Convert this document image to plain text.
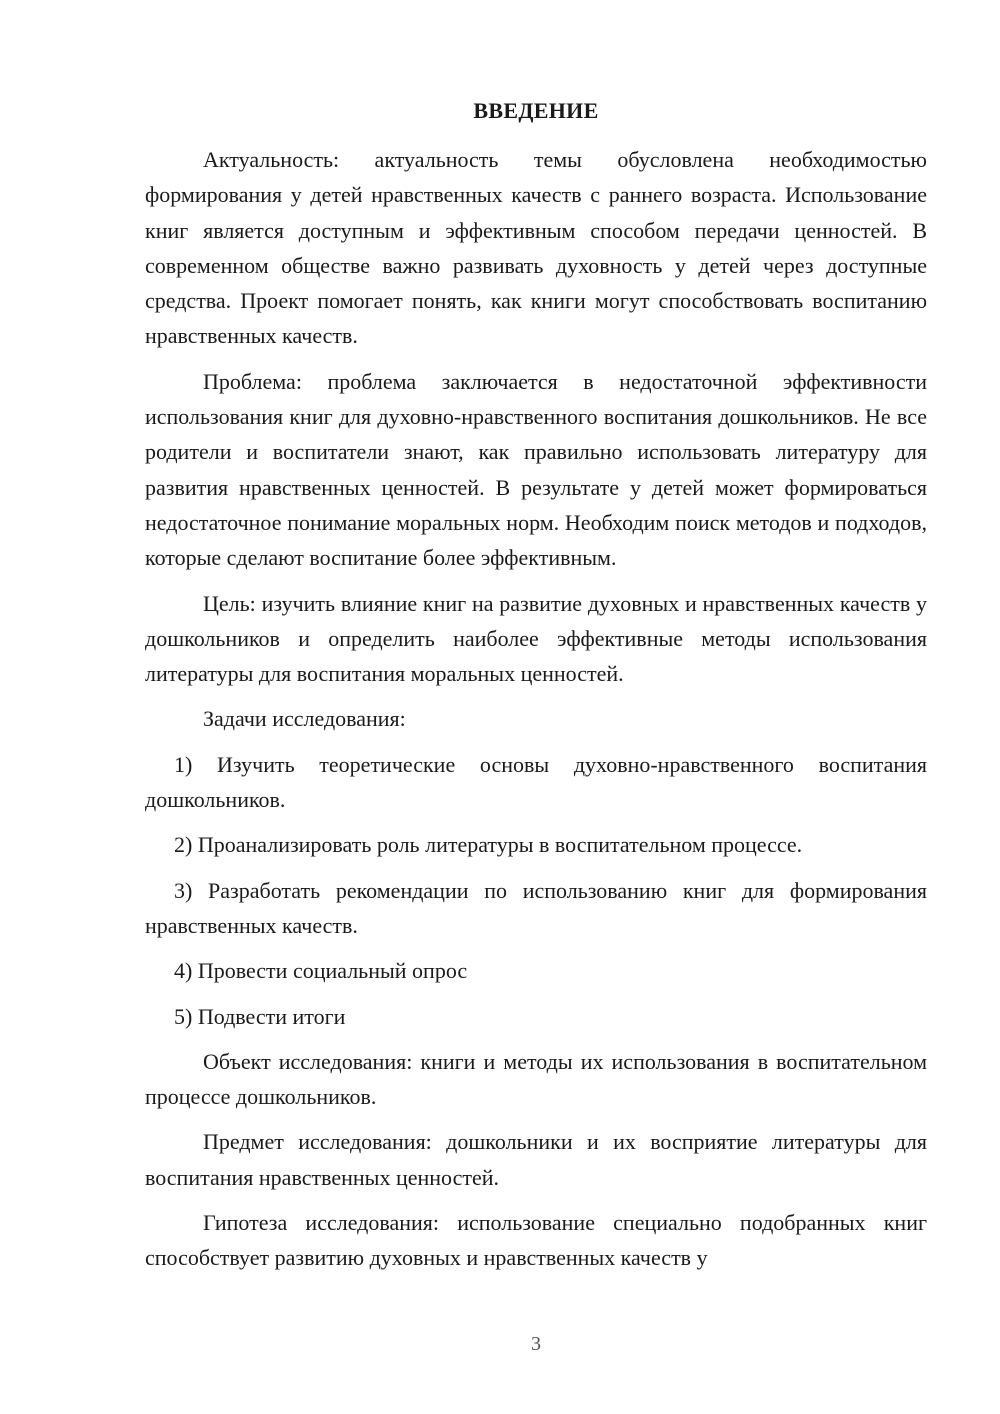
ВВЕДЕНИЕ

Актуальность: актуальность темы обусловлена необходимостью формирования у детей нравственных качеств с раннего возраста. Использование книг является доступным и эффективным способом передачи ценностей. В современном обществе важно развивать духовность у детей через доступные средства. Проект помогает понять, как книги могут способствовать воспитанию нравственных качеств.

Проблема: проблема заключается в недостаточной эффективности использования книг для духовно-нравственного воспитания дошкольников. Не все родители и воспитатели знают, как правильно использовать литературу для развития нравственных ценностей. В результате у детей может формироваться недостаточное понимание моральных норм. Необходим поиск методов и подходов, которые сделают воспитание более эффективным.

Цель: изучить влияние книг на развитие духовных и нравственных качеств у дошкольников и определить наиболее эффективные методы использования литературы для воспитания моральных ценностей.

Задачи исследования:

1) Изучить теоретические основы духовно-нравственного воспитания дошкольников.

2) Проанализировать роль литературы в воспитательном процессе.

3) Разработать рекомендации по использованию книг для формирования нравственных качеств.

4) Провести социальный опрос

5) Подвести итоги

Объект исследования: книги и методы их использования в воспитательном процессе дошкольников.

Предмет исследования: дошкольники и их восприятие литературы для воспитания нравственных ценностей.

Гипотеза исследования: использование специально подобранных книг способствует развитию духовных и нравственных качеств у

3
